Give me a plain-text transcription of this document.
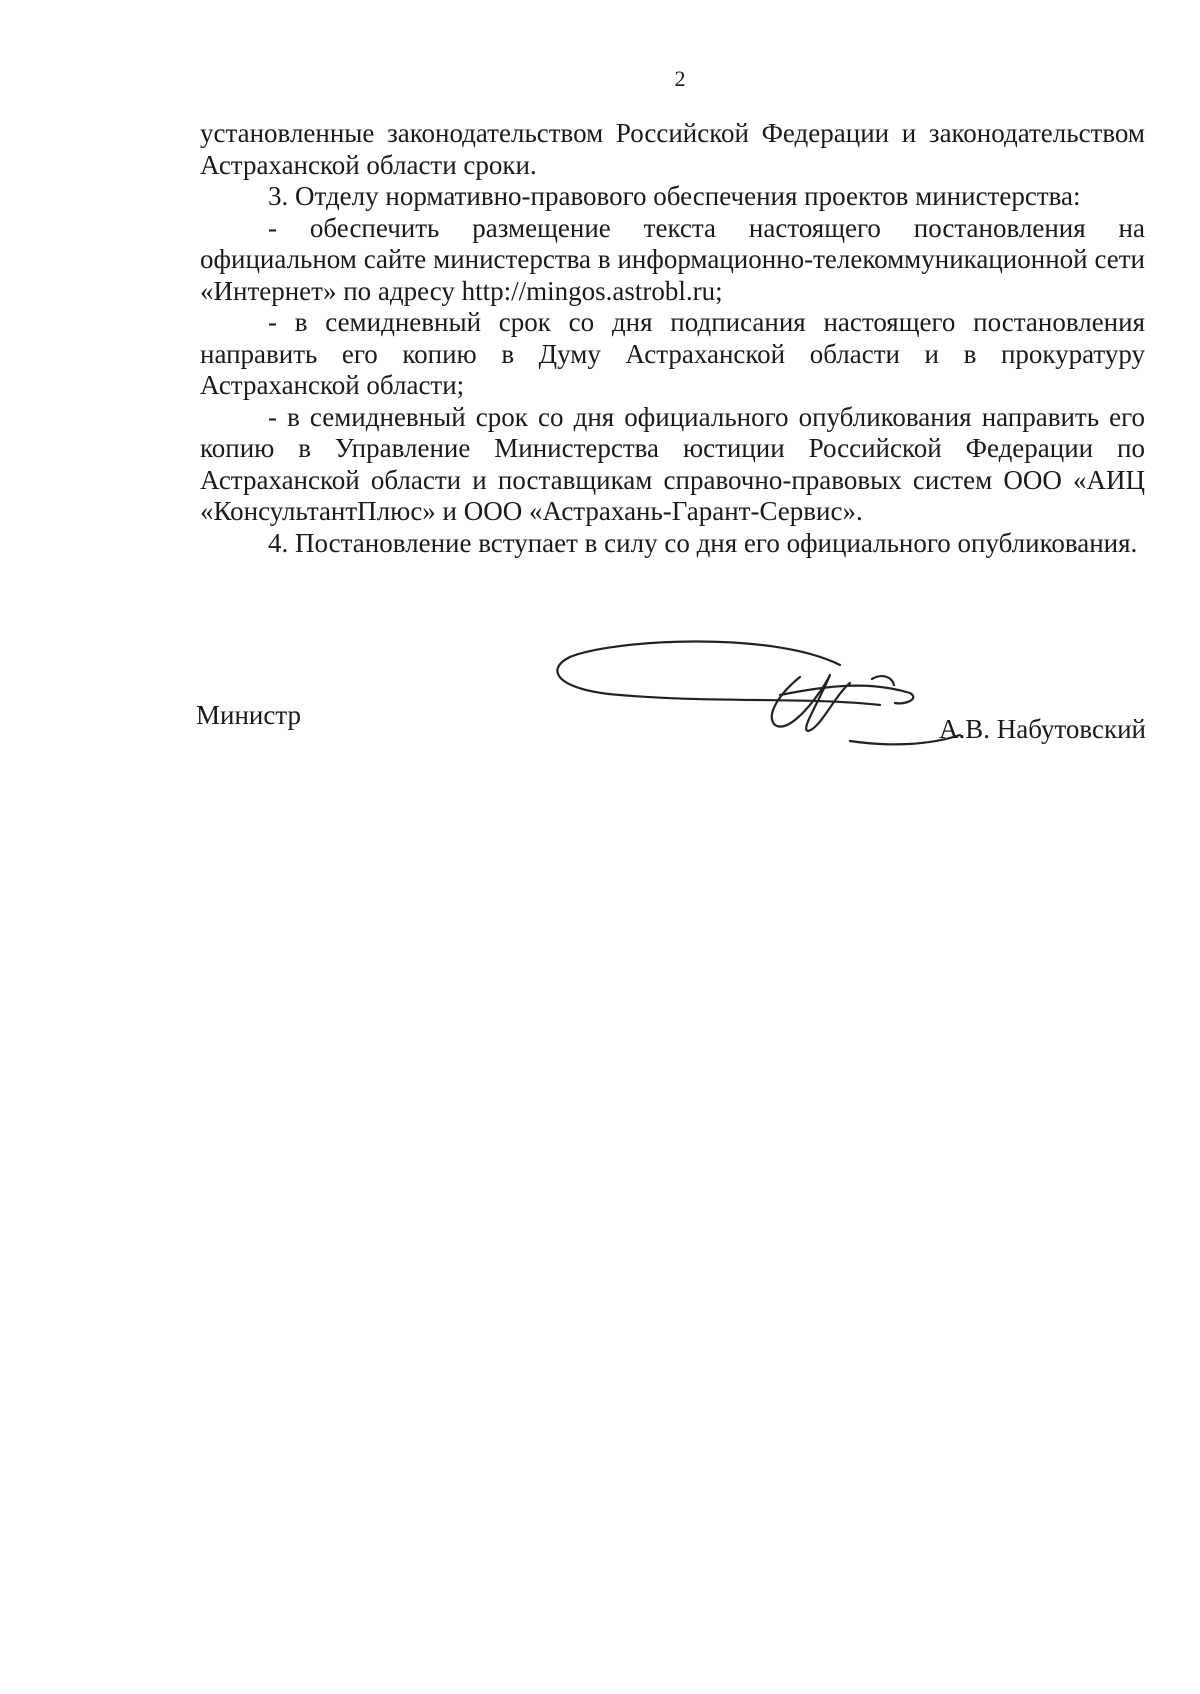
2

установленные законодательством Российской Федерации и законодательством Астраханской области сроки.

3. Отделу нормативно-правового обеспечения проектов министерства:

- обеспечить размещение текста настоящего постановления на официальном сайте министерства в информационно-телекоммуникационной сети «Интернет» по адресу http://mingos.astrobl.ru;

- в семидневный срок со дня подписания настоящего постановления направить его копию в Думу Астраханской области и в прокуратуру Астраханской области;

- в семидневный срок со дня официального опубликования направить его копию в Управление Министерства юстиции Российской Федерации по Астраханской области и поставщикам справочно-правовых систем ООО «АИЦ «КонсультантПлюс» и ООО «Астрахань-Гарант-Сервис».

4. Постановление вступает в силу со дня его официального опубликования.

Министр	А.В. Набутовский
